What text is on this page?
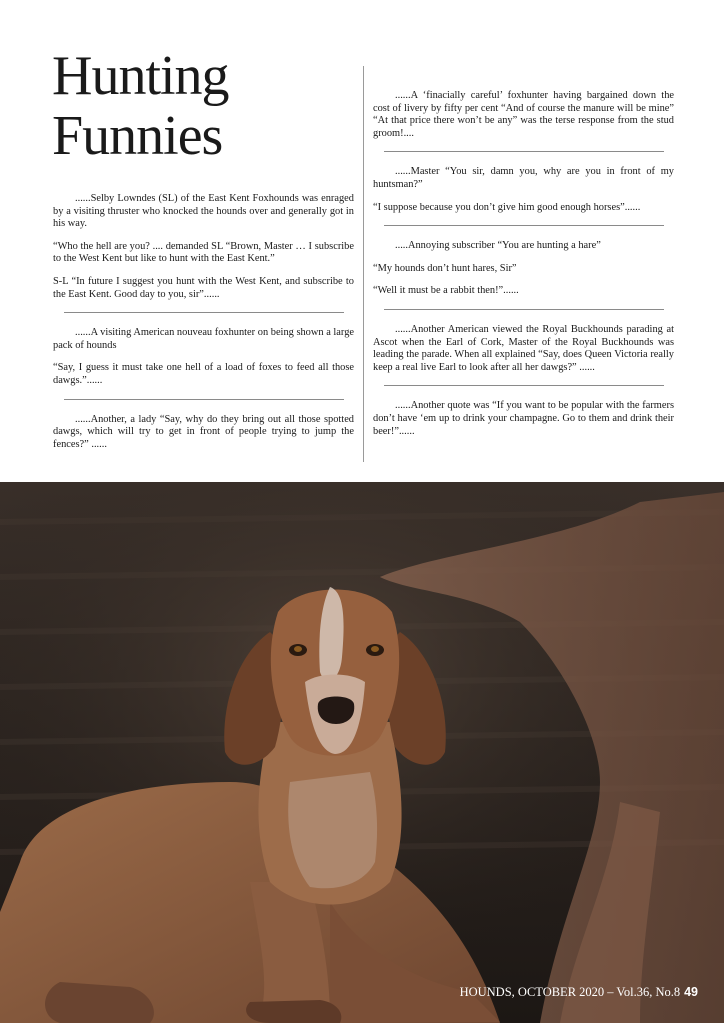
Hunting
Funnies

......Selby Lowndes (SL) of the East Kent Foxhounds was enraged by a visiting thruster who knocked the hounds over and generally got in his way.

“Who the hell are you? .... demanded SL “Brown, Master … I subscribe to the West Kent but like to hunt with the East Kent.”

S-L “In future I suggest you hunt with the West Kent, and subscribe to the East Kent. Good day to you, sir”......

......A visiting American nouveau foxhunter on being shown a large pack of hounds

“Say, I guess it must take one hell of a load of foxes to feed all those dawgs.”......

......Another, a lady “Say, why do they bring out all those spotted dawgs, which will try to get in front of people trying to jump the fences?” ......

......A ‘finacially careful’ foxhunter having bargained down the cost of livery by fifty per cent “And of course the manure will be mine” “At that price there won’t be any” was the terse response from the stud groom!....

......Master “You sir, damn you, why are you in front of my huntsman?”

“I suppose because you don’t give him good enough horses”......

.....Annoying subscriber “You are hunting a hare”

“My hounds don’t hunt hares, Sir”

“Well it must be a rabbit then!”......

......Another American viewed the Royal Buckhounds parading at Ascot when the Earl of Cork, Master of the Royal Buckhounds was leading the parade. When all explained “Say, does Queen Victoria really keep a real live Earl to look after all her dawgs?” ......

......Another quote was “If you want to be popular with the farmers don’t have ‘em up to drink your champagne. Go to them and drink their beer!”......

HOUNDS, OCTOBER 2020 – Vol.36, No.8 49
